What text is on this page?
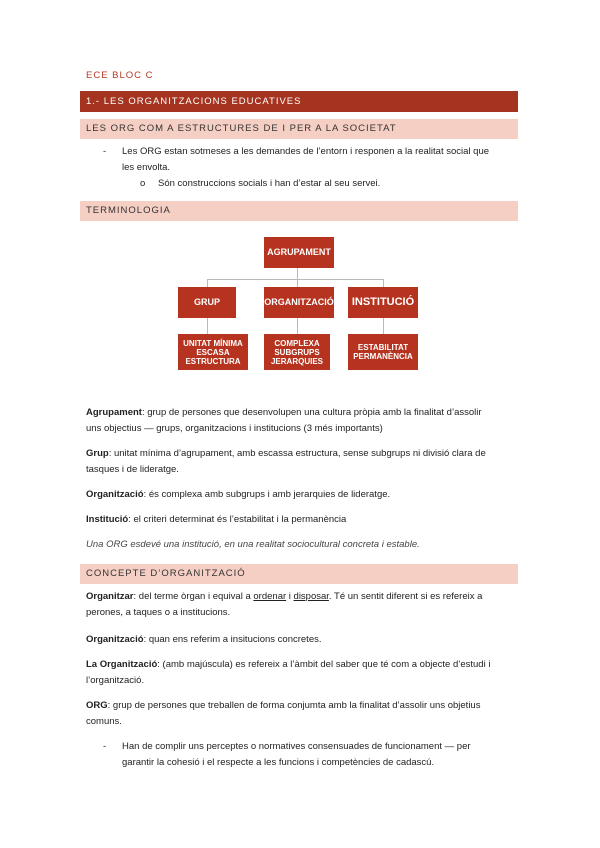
ECE BLOC C
1.- LES ORGANITZACIONS EDUCATIVES
LES ORG COM A ESTRUCTURES DE I PER A LA SOCIETAT
- Les ORG estan sotmeses a les demandes de l’entorn i responen a la realitat social que
les envolta.
o Són construccions socials i han d’estar al seu servei.
TERMINOLOGIA
AGRUPAMENT
GRUP	ORGANITZACIÓ	INSTITUCIÓ
UNITAT MÍNIMA
ESCASA
ESTRUCTURA
COMPLEXA
SUBGRUPS
JERARQUIES
ESTABILITAT
PERMANÈNCIA
Agrupament: grup de persones que desenvolupen una cultura pròpia amb la finalitat d’assolir
uns objectius — grups, organitzacions i institucions (3 més importants)
Grup: unitat mínima d’agrupament, amb escassa estructura, sense subgrups ni divisió clara de
tasques i de lideratge.
Organització: és complexa amb subgrups i amb jerarquies de lideratge.
Institució: el criteri determinat és l’estabilitat i la permanència
Una ORG esdevé una institució, en una realitat sociocultural concreta i estable.
CONCEPTE D’ORGANITZACIÓ
Organitzar: del terme òrgan i equival a ordenar i disposar. Té un sentit diferent si es refereix a
perones, a taques o a institucions.
Organització: quan ens referim a insitucions concretes.
La Organització: (amb majúscula) es refereix a l’àmbit del saber que té com a objecte d’estudi i
l’organització.
ORG: grup de persones que treballen de forma conjumta amb la finalitat d’assolir uns objetius
comuns.
- Han de complir uns perceptes o normatives consensuades de funcionament — per
garantir la cohesió i el respecte a les funcions i competències de cadascú.
